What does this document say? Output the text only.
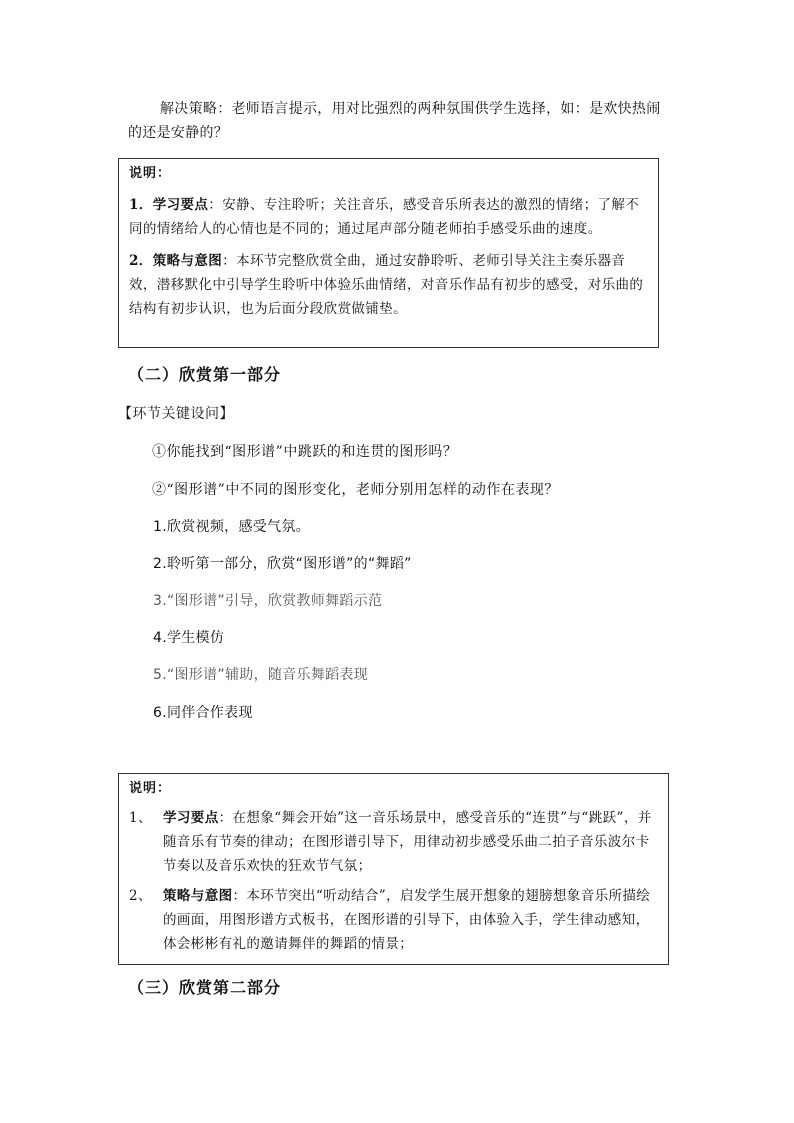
解决策略：老师语言提示，用对比强烈的两种氛围供学生选择，如：是欢快热闹的还是安静的？
说明：
1．学习要点：安静、专注聆听；关注音乐，感受音乐所表达的激烈的情绪；了解不同的情绪给人的心情也是不同的；通过尾声部分随老师拍手感受乐曲的速度。
2．策略与意图：本环节完整欣赏全曲，通过安静聆听、老师引导关注主奏乐器音效，潜移默化中引导学生聆听中体验乐曲情绪，对音乐作品有初步的感受，对乐曲的结构有初步认识，也为后面分段欣赏做铺垫。
（二）欣赏第一部分
【环节关键设问】
①你能找到“图形谱”中跳跃的和连贯的图形吗？
②“图形谱”中不同的图形变化，老师分别用怎样的动作在表现？
1.欣赏视频，感受气氛。
2.聆听第一部分，欣赏“图形谱”的“舞蹈”
3.“图形谱”引导，欣赏教师舞蹈示范
4.学生模仿
5.“图形谱”辅助，随音乐舞蹈表现
6.同伴合作表现
说明：
1、 学习要点：在想象“舞会开始”这一音乐场景中，感受音乐的“连贯”与“跳跃”，并随音乐有节奏的律动；在图形谱引导下，用律动初步感受乐曲二拍子音乐波尔卡节奏以及音乐欢快的狂欢节气氛；
2、 策略与意图：本环节突出“听动结合”，启发学生展开想象的翅膀想象音乐所描绘的画面，用图形谱方式板书，在图形谱的引导下，由体验入手，学生律动感知，体会彬彬有礼的邀请舞伴的舞蹈的情景；
（三）欣赏第二部分
